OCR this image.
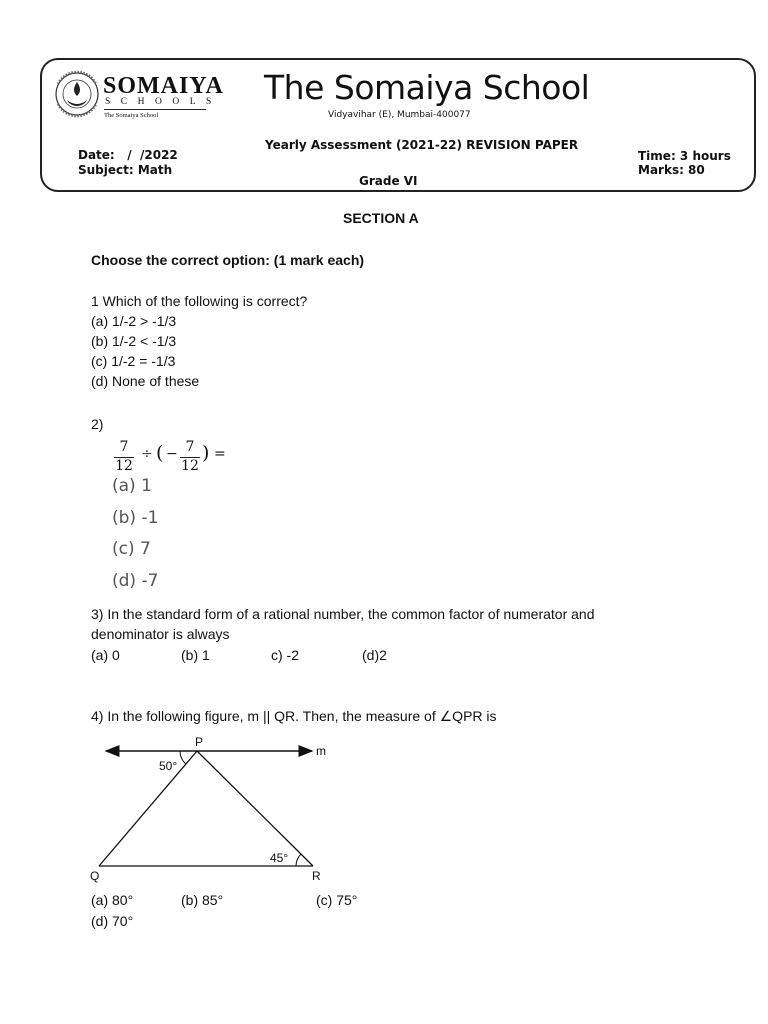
SOMAIYA
SCHOOLS
The Somaiya School
The Somaiya School
Vidyavihar (E), Mumbai-400077
Yearly Assessment (2021-22) REVISION PAPER
Date:   /  /2022
Subject: Math
Grade VI
Time: 3 hours
Marks: 80
SECTION A
Choose the correct option: (1 mark each)
1 Which of the following is correct?
(a) 1/-2 > -1/3
(b) 1/-2 < -1/3
(c) 1/-2 = -1/3
(d) None of these
2)
7
12
÷ ( − 7
12
) =
(a) 1
(b) -1
(c) 7
(d) -7
3) In the standard form of a rational number, the common factor of numerator and
denominator is always
(a) 0	(b) 1	c) -2	(d)2
4) In the following figure, m || QR. Then, the measure of ∠QPR is
P
m
50°
45°
Q	R
(a) 80°	(b) 85°	(c) 75°
(d) 70°
